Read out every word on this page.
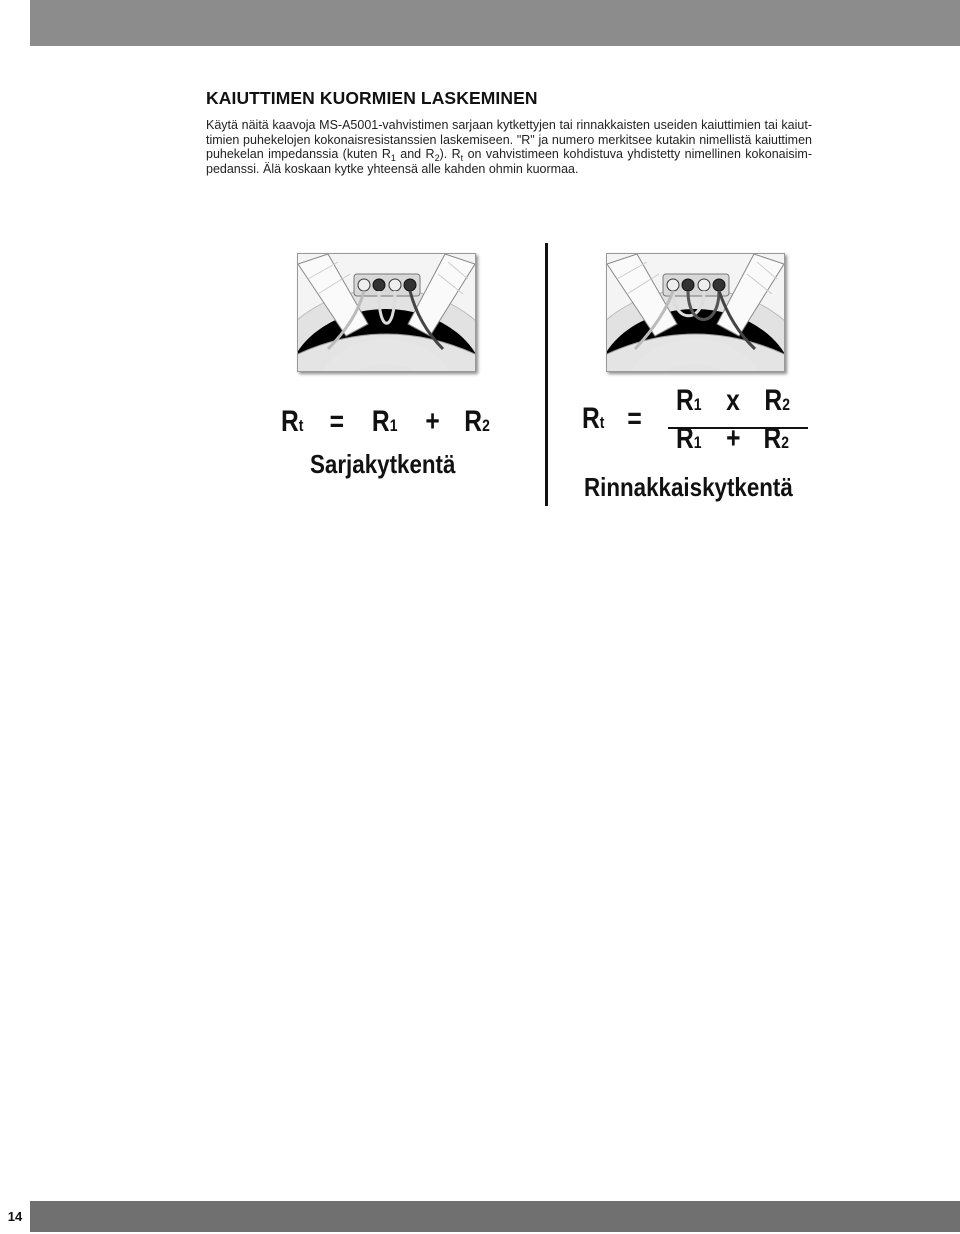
KAIUTTIMEN KUORMIEN LASKEMINEN

Käytä näitä kaavoja MS-A5001-vahvistimen sarjaan kytkettyjen tai rinnakkaisten useiden kaiuttimien tai kaiut-timien puhekelojen kokonaisresistanssien laskemiseen. "R" ja numero merkitsee kutakin nimellistä kaiuttimen puhekelan impedanssia (kuten $R_1$ and $R_2$). $R_t$ on vahvistimeen kohdistuva yhdistetty nimellinen kokonaisim-pedanssi. Älä koskaan kytke yhteensä alle kahden ohmin kuormaa.

Rt = R1 + R2
Sarjakytkentä
Rt =
R1 x R2
R1 + R2
Rinnakkaiskytkentä
14
